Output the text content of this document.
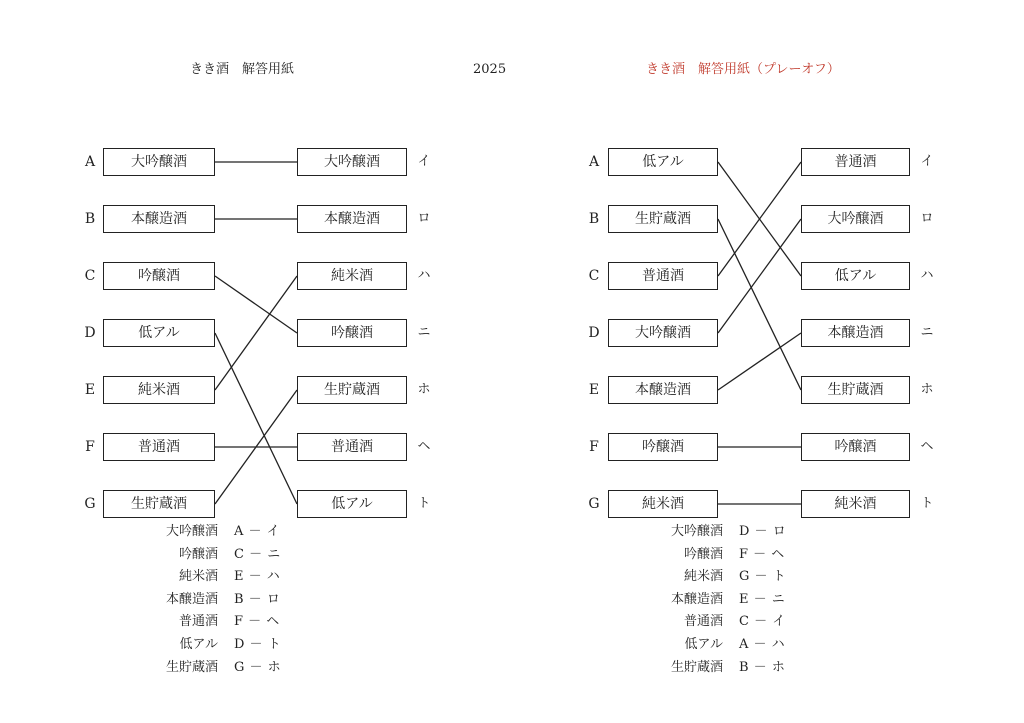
きき酒　解答用紙	2025	きき酒　解答用紙（プレーオフ）
A	大吟醸酒	大吟醸酒	イ
B	本醸造酒	本醸造酒	ロ
C	吟醸酒	純米酒	ハ
D	低アル	吟醸酒	ニ
E	純米酒	生貯蔵酒	ホ
F	普通酒	普通酒	ヘ
G	生貯蔵酒	低アル	ト
大吟醸酒 A － イ
吟醸酒 C － ニ
純米酒 E － ハ
本醸造酒 B － ロ
普通酒 F － ヘ
低アル D － ト
生貯蔵酒 G － ホ
A	低アル	普通酒	イ
B	生貯蔵酒	大吟醸酒	ロ
C	普通酒	低アル	ハ
D	大吟醸酒	本醸造酒	ニ
E	本醸造酒	生貯蔵酒	ホ
F	吟醸酒	吟醸酒	ヘ
G	純米酒	純米酒	ト
大吟醸酒 D － ロ
吟醸酒 F － ヘ
純米酒 G － ト
本醸造酒 E － ニ
普通酒 C － イ
低アル A － ハ
生貯蔵酒 B － ホ
